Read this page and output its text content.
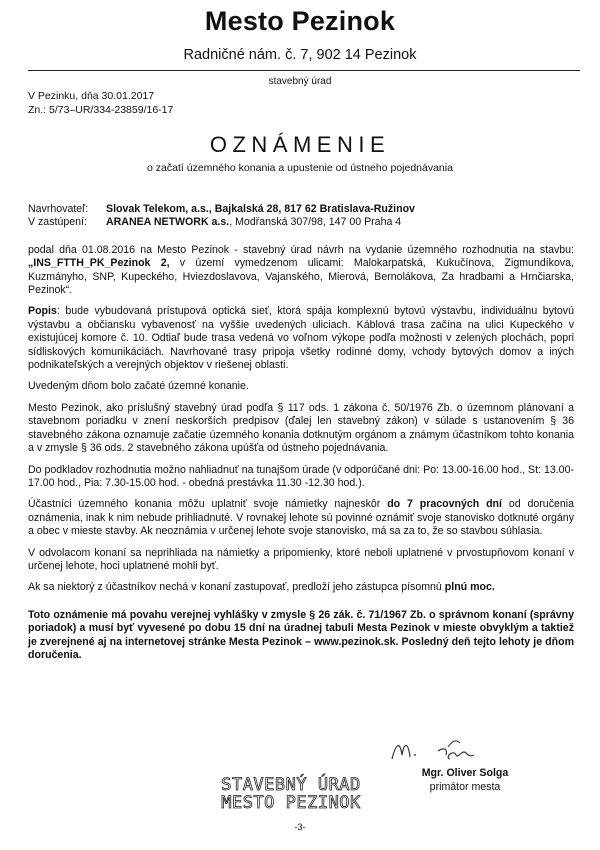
Mesto Pezinok
Radničné nám. č. 7, 902 14 Pezinok
stavebný úrad
V Pezinku, dňa 30.01.2017
Zn.: 5/73–UR/334-23859/16-17
OZNÁMENIE
o začatí územného konania a upustenie od ústneho pojednávania
Navrhovateľ:	Slovak Telekom, a.s., Bajkalská 28, 817 62 Bratislava-Ružinov
V zastúpení:	ARANEA NETWORK a.s., Modřanská 307/98, 147 00 Praha 4

podal dňa 01.08.2016 na Mesto Pezinok - stavebný úrad návrh na vydanie územného rozhodnutia na stavbu: „INS_FTTH_PK_Pezinok 2, v území vymedzenom ulicami: Malokarpatská, Kukučínova, Zigmundíkova, Kuzmányho, SNP, Kupeckého, Hviezdoslavova, Vajanského, Mierová, Bernolákova, Za hradbami a Hrnčiarska, Pezinok“.

Popis: bude vybudovaná prístupová optická sieť, ktorá spája komplexnú bytovú výstavbu, individuálnu bytovú výstavbu a občiansku vybavenosť na vyššie uvedených uliciach. Káblová trasa začína na ulici Kupeckého v existujúcej komore č. 10. Odtiaľ bude trasa vedená vo voľnom výkope podľa možnosti v zelených plochách, popri sídliskových komunikáciách. Navrhované trasy pripoja všetky rodinné domy, vchody bytových domov a iných podnikateľských a verejných objektov v riešenej oblasti.

Uvedeným dňom bolo začaté územné konanie.

Mesto Pezinok, ako príslušný stavebný úrad podľa § 117 ods. 1 zákona č. 50/1976 Zb. o územnom plánovaní a stavebnom poriadku v znení neskorších predpisov (ďalej len stavebný zákon) v súlade s ustanovením § 36 stavebného zákona oznamuje začatie územného konania dotknutým orgánom a známym účastníkom tohto konania a v zmysle § 36 ods. 2 stavebného zákona upúšťa od ústneho pojednávania.

Do podkladov rozhodnutia možno nahliadnuť na tunajšom úrade (v odporúčané dni: Po: 13.00-16.00 hod., St: 13.00-17.00 hod., Pia: 7.30-15.00 hod. - obedná prestávka 11.30 -12.30 hod.).

Účastníci územného konania môžu uplatniť svoje námietky najneskôr do 7 pracovných dní od doručenia oznámenia, inak k nim nebude prihliadnuté. V rovnakej lehote sú povinné oznámiť svoje stanovisko dotknuté orgány a obec v mieste stavby. Ak neoznámia v určenej lehote svoje stanovisko, má sa za to, že so stavbou súhlasia.

V odvolacom konaní sa neprihliada na námietky a pripomienky, ktoré neboli uplatnené v prvostupňovom konaní v určenej lehote, hoci uplatnené mohli byť.

Ak sa niektorý z účastníkov nechá v konaní zastupovať, predloží jeho zástupca písomnú plnú moc.

Toto oznámenie má povahu verejnej vyhlášky v zmysle § 26 zák. č. 71/1967 Zb. o správnom konaní (správny poriadok) a musí byť vyvesené po dobu 15 dní na úradnej tabuli Mesta Pezinok v mieste obvyklým a taktiež je zverejnené aj na internetovej stránke Mesta Pezinok – www.pezinok.sk. Posledný deň tejto lehoty je dňom doručenia.

STAVEBNÝ ÚRAD
MESTO PEZINOK
Mgr. Oliver Solga
primátor mesta
-3-
